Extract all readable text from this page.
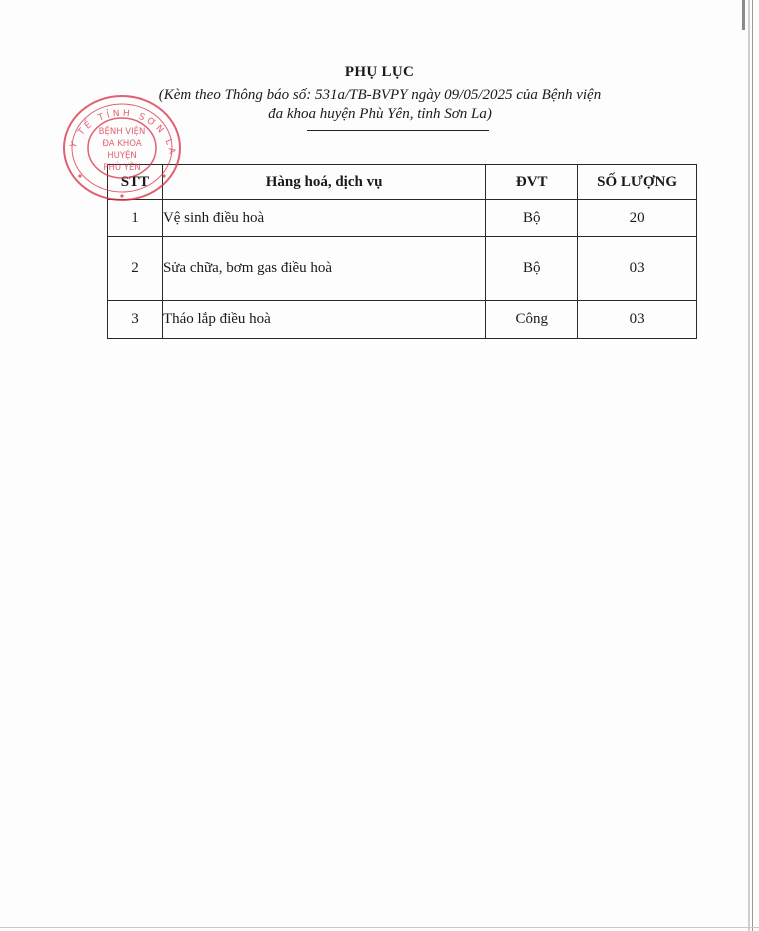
PHỤ LỤC
(Kèm theo Thông báo số: 531a/TB-BVPY ngày 09/05/2025 của Bệnh viện
đa khoa huyện Phù Yên, tỉnh Sơn La)
STT	Hàng hoá, dịch vụ	ĐVT	SỐ LƯỢNG
1	Vệ sinh điều hoà	Bộ	20
2	Sửa chữa, bơm gas điều hoà	Bộ	03
3	Tháo lắp điều hoà	Công	03
Y TẾ TỈNH SƠN LA
BỆNH VIỆN
ĐA KHOA
HUYỆN
PHÙ YÊN
